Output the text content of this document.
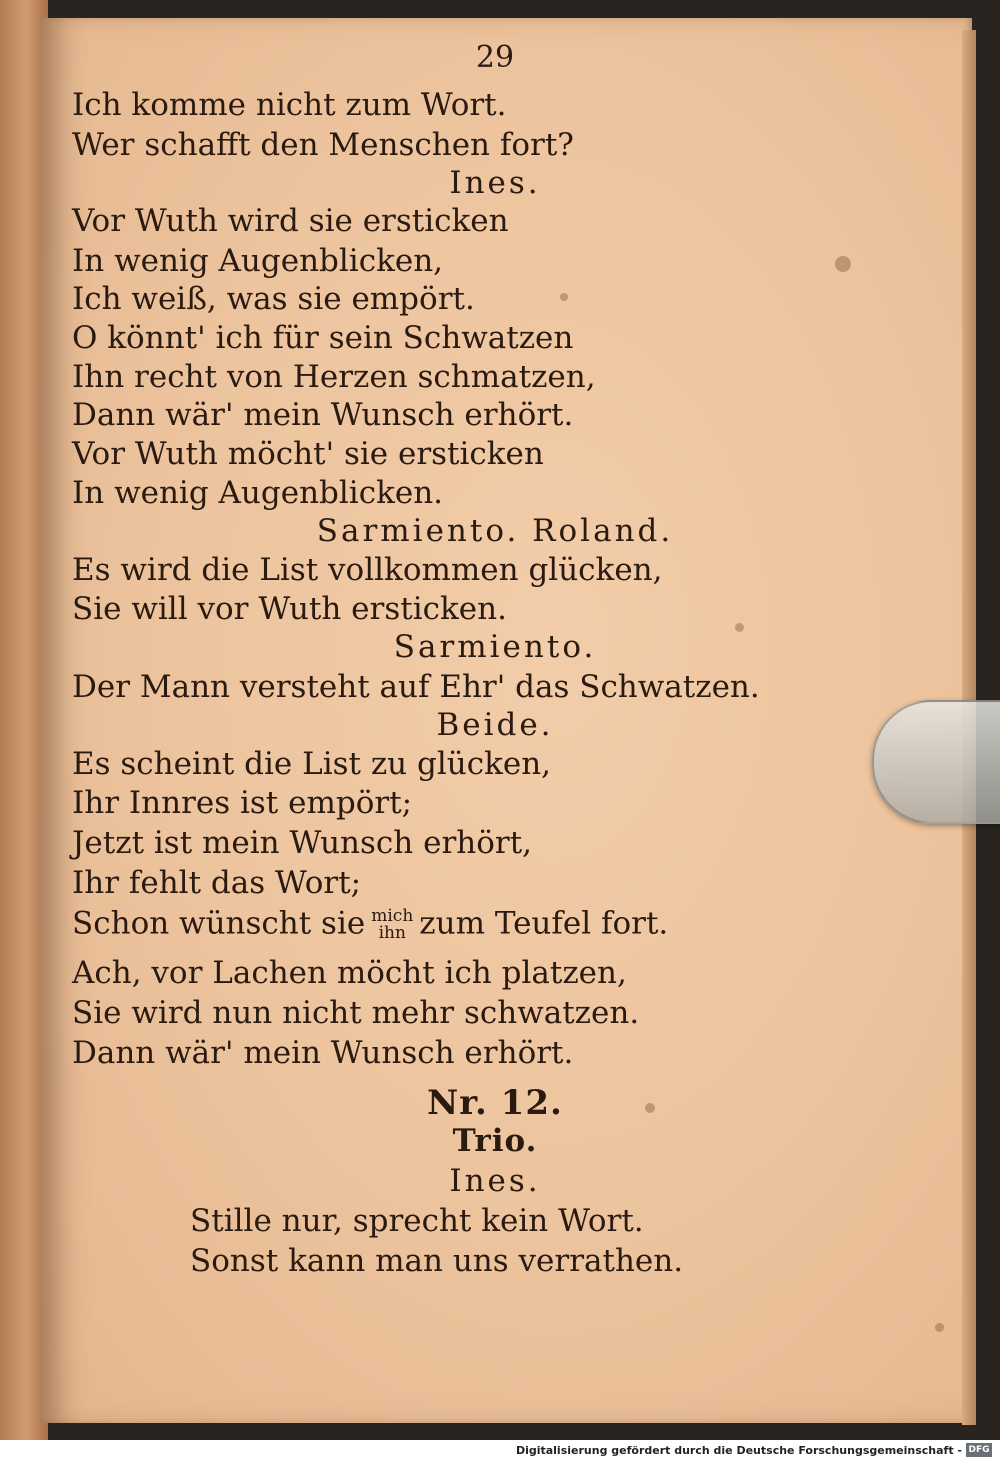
29
Ich komme nicht zum Wort.
Wer schafft den Menschen fort?
Ines.
Vor Wuth wird sie ersticken
In wenig Augenblicken,
Ich weiß, was sie empört.
O könnt' ich für sein Schwatzen
Ihn recht von Herzen schmatzen,
Dann wär' mein Wunsch erhört.
Vor Wuth möcht' sie ersticken
In wenig Augenblicken.
Sarmiento. Roland.
Es wird die List vollkommen glücken,
Sie will vor Wuth ersticken.
Sarmiento.
Der Mann versteht auf Ehr' das Schwatzen.
Beide.
Es scheint die List zu glücken,
Ihr Innres ist empört;
Jetzt ist mein Wunsch erhört,
Ihr fehlt das Wort;
Schon wünscht sie mich
ihn zum Teufel fort.
Ach, vor Lachen möcht ich platzen,
Sie wird nun nicht mehr schwatzen.
Dann wär' mein Wunsch erhört.
Nr. 12.
Trio.
Ines.
Stille nur, sprecht kein Wort.
Sonst kann man uns verrathen.
Digitalisierung gefördert durch die Deutsche Forschungsgemeinschaft - DFG
